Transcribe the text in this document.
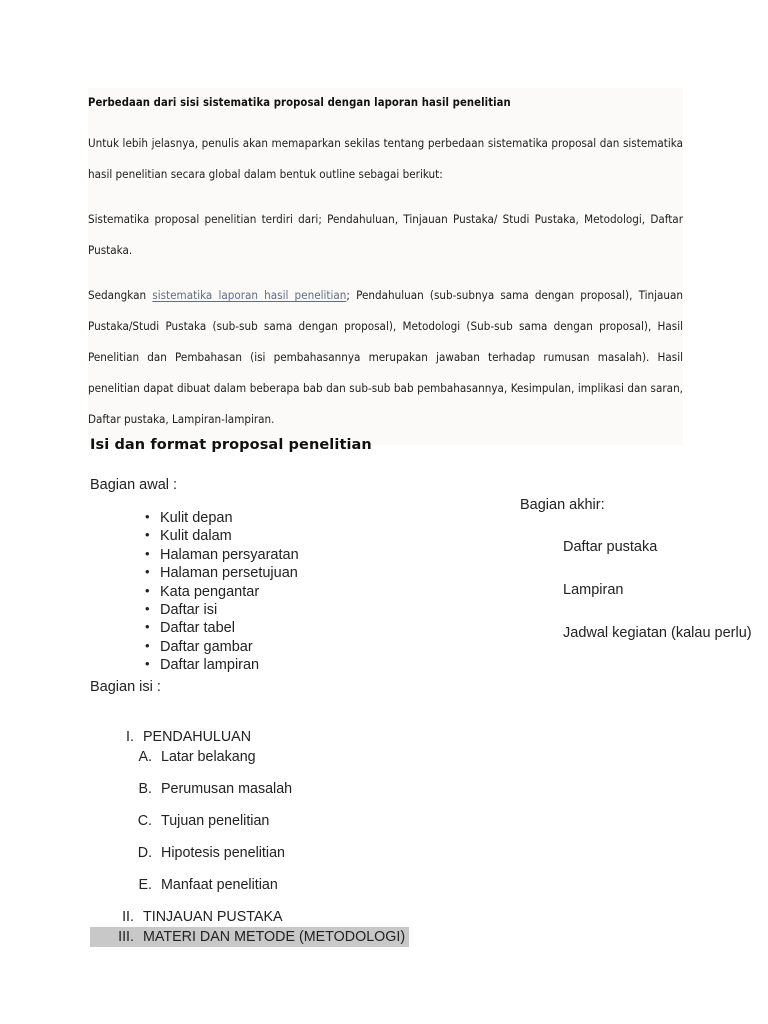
Perbedaan dari sisi sistematika proposal dengan laporan hasil penelitian

Untuk lebih jelasnya, penulis akan memaparkan sekilas tentang perbedaan sistematika proposal dan sistematika hasil penelitian secara global dalam bentuk outline sebagai berikut:

Sistematika proposal penelitian terdiri dari; Pendahuluan, Tinjauan Pustaka/ Studi Pustaka, Metodologi, Daftar Pustaka.

Sedangkan sistematika laporan hasil penelitian; Pendahuluan (sub-subnya sama dengan proposal), Tinjauan Pustaka/Studi Pustaka (sub-sub sama dengan proposal), Metodologi (Sub-sub sama dengan proposal), Hasil Penelitian dan Pembahasan (isi pembahasannya merupakan jawaban terhadap rumusan masalah). Hasil penelitian dapat dibuat dalam beberapa bab dan sub-sub bab pembahasannya, Kesimpulan, implikasi dan saran, Daftar pustaka, Lampiran-lampiran.

Isi dan format proposal penelitian

Bagian awal :

• Kulit depan
• Kulit dalam
• Halaman persyaratan
• Halaman persetujuan
• Kata pengantar
• Daftar isi
• Daftar tabel
• Daftar gambar
• Daftar lampiran

Bagian isi :

I. PENDAHULUAN
A. Latar belakang
B. Perumusan masalah
C. Tujuan penelitian
D. Hipotesis penelitian
E. Manfaat penelitian
II. TINJAUAN PUSTAKA
III. MATERI DAN METODE (METODOLOGI)
Bagian akhir:
Daftar pustaka
Lampiran
Jadwal kegiatan (kalau perlu)
